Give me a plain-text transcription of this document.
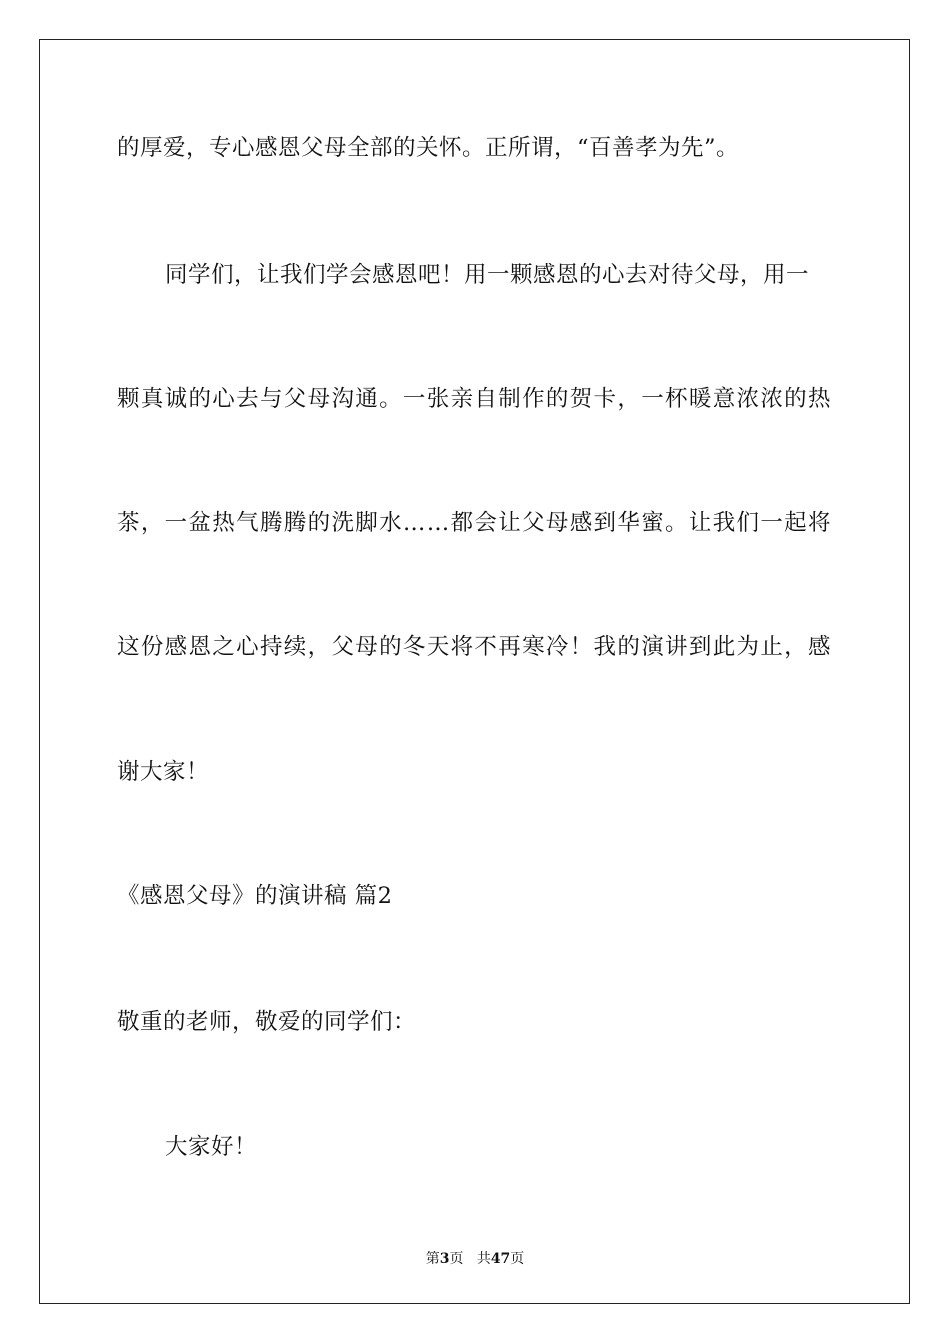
的厚爱，专心感恩父母全部的关怀。正所谓，“百善孝为先”。
同学们，让我们学会感恩吧！用一颗感恩的心去对待父母，用一
颗真诚的心去与父母沟通。一张亲自制作的贺卡，一杯暖意浓浓的热
茶，一盆热气腾腾的洗脚水……都会让父母感到华蜜。让我们一起将
这份感恩之心持续，父母的冬天将不再寒冷！我的演讲到此为止，感
谢大家！
《感恩父母》的演讲稿 篇2
敬重的老师，敬爱的同学们：
大家好！
第3页 共47页
